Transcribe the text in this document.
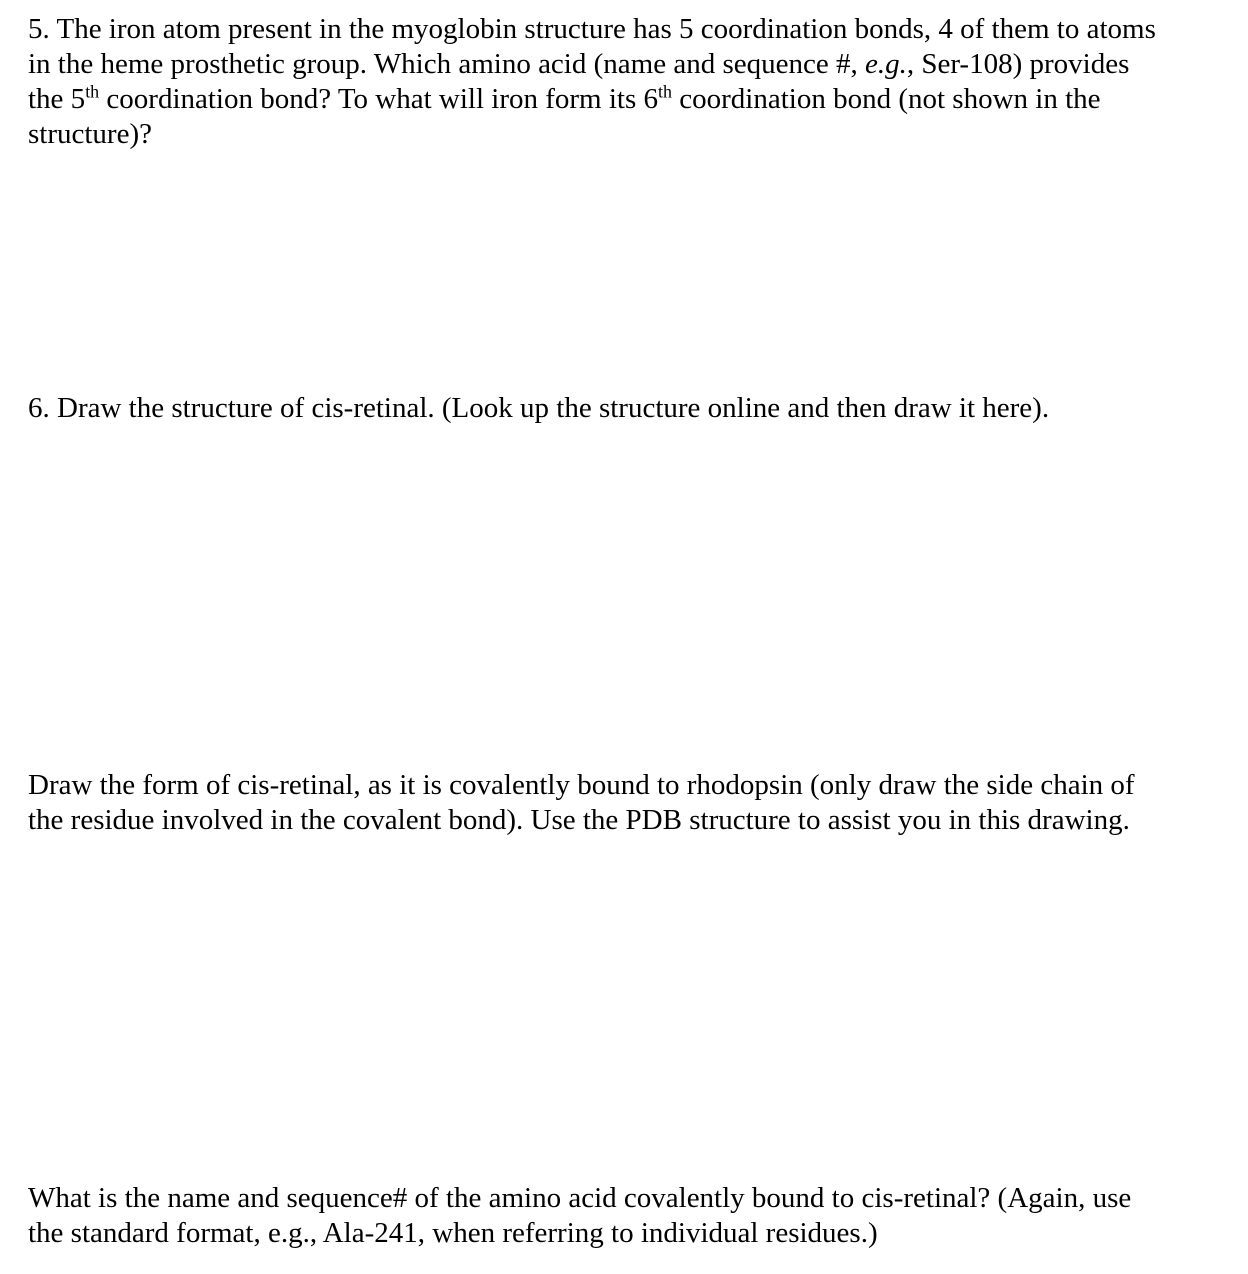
5. The iron atom present in the myoglobin structure has 5 coordination bonds, 4 of them to atoms
in the heme prosthetic group. Which amino acid (name and sequence #, e.g., Ser-108) provides
the 5th coordination bond? To what will iron form its 6th coordination bond (not shown in the
structure)?
6. Draw the structure of cis-retinal. (Look up the structure online and then draw it here).
Draw the form of cis-retinal, as it is covalently bound to rhodopsin (only draw the side chain of
the residue involved in the covalent bond). Use the PDB structure to assist you in this drawing.
What is the name and sequence# of the amino acid covalently bound to cis-retinal? (Again, use
the standard format, e.g., Ala-241, when referring to individual residues.)
